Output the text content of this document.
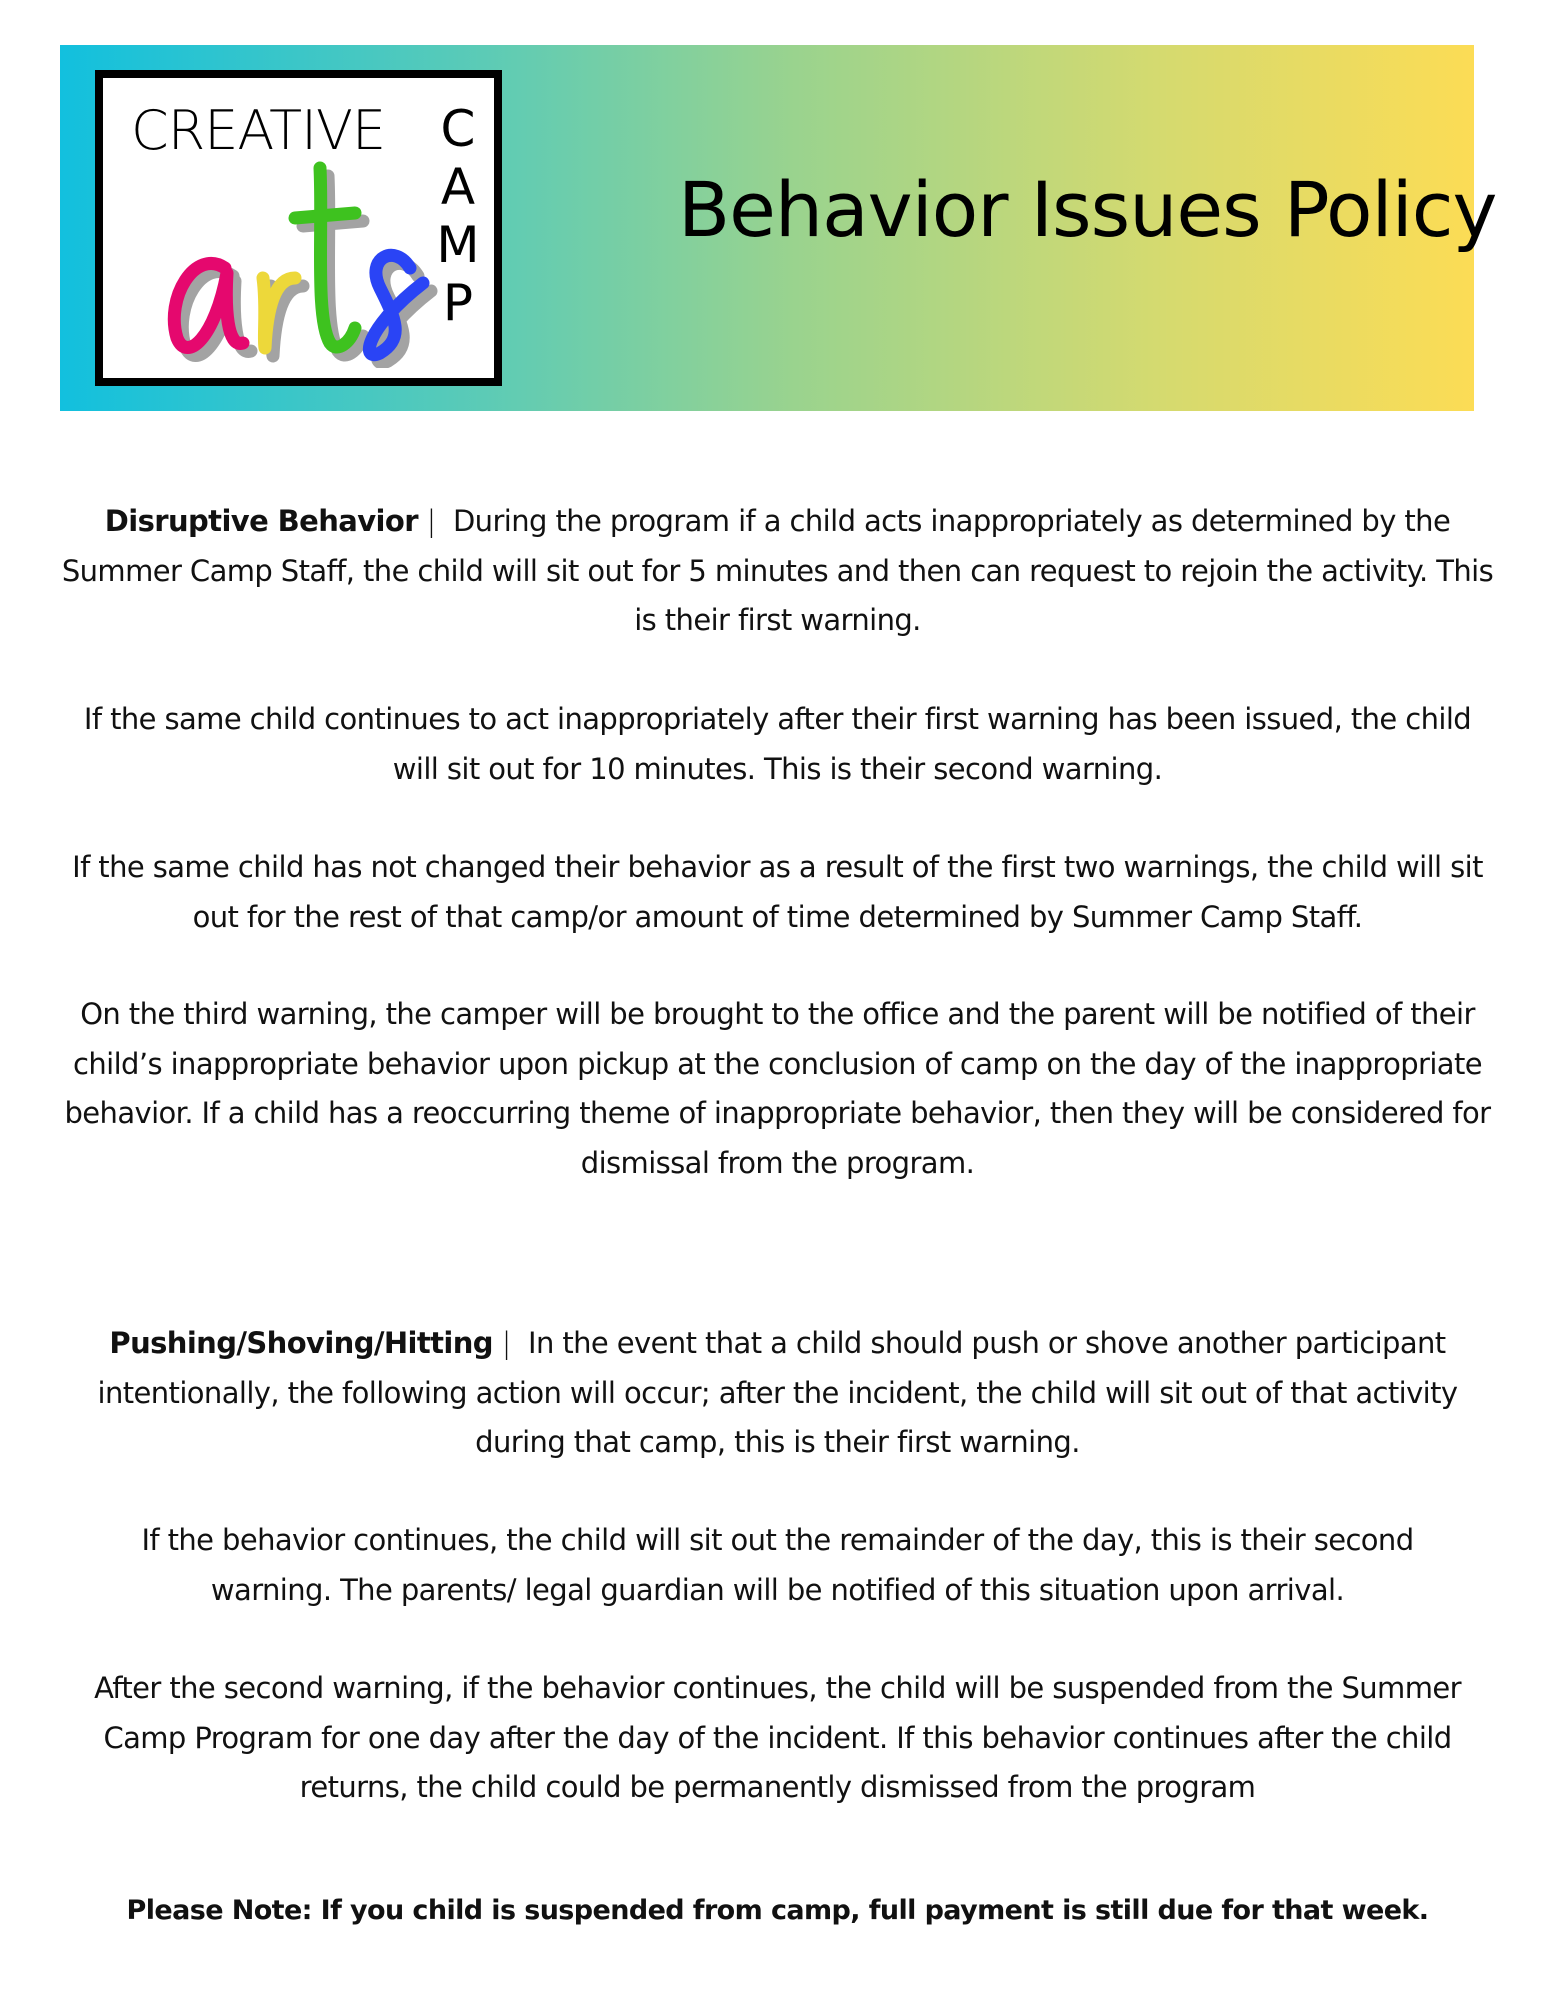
CREATIVE C
A
M
P
Behavior Issues Policy

Disruptive Behavior | During the program if a child acts inappropriately as determined by the Summer Camp Staff, the child will sit out for 5 minutes and then can request to rejoin the activity. This is their first warning.

If the same child continues to act inappropriately after their first warning has been issued, the child will sit out for 10 minutes. This is their second warning.

If the same child has not changed their behavior as a result of the first two warnings, the child will sit out for the rest of that camp/or amount of time determined by Summer Camp Staff.

On the third warning, the camper will be brought to the office and the parent will be notified of their child’s inappropriate behavior upon pickup at the conclusion of camp on the day of the inappropriate behavior. If a child has a reoccurring theme of inappropriate behavior, then they will be considered for dismissal from the program.

Pushing/Shoving/Hitting | In the event that a child should push or shove another participant intentionally, the following action will occur; after the incident, the child will sit out of that activity during that camp, this is their first warning.

If the behavior continues, the child will sit out the remainder of the day, this is their second warning. The parents/ legal guardian will be notified of this situation upon arrival.

After the second warning, if the behavior continues, the child will be suspended from the Summer Camp Program for one day after the day of the incident. If this behavior continues after the child returns, the child could be permanently dismissed from the program

Please Note: If you child is suspended from camp, full payment is still due for that week.
